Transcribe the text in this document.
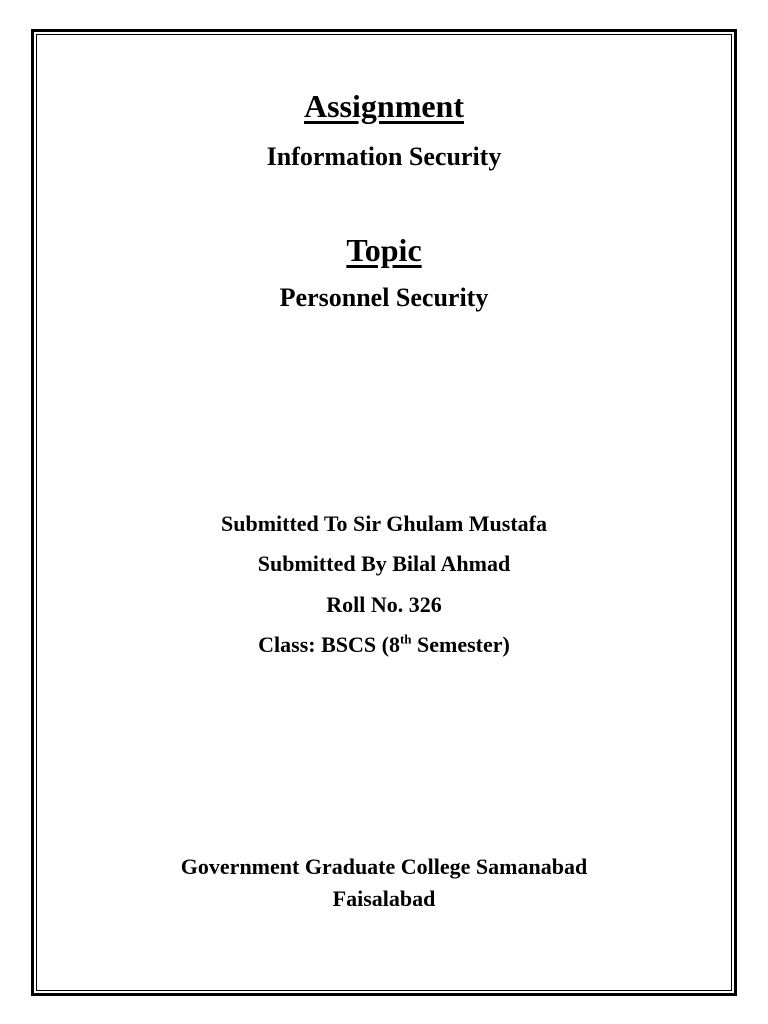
Assignment
Information Security
Topic
Personnel Security
Submitted To Sir Ghulam Mustafa
Submitted By Bilal Ahmad
Roll No. 326
Class: BSCS (8th Semester)
Government Graduate College Samanabad
Faisalabad
